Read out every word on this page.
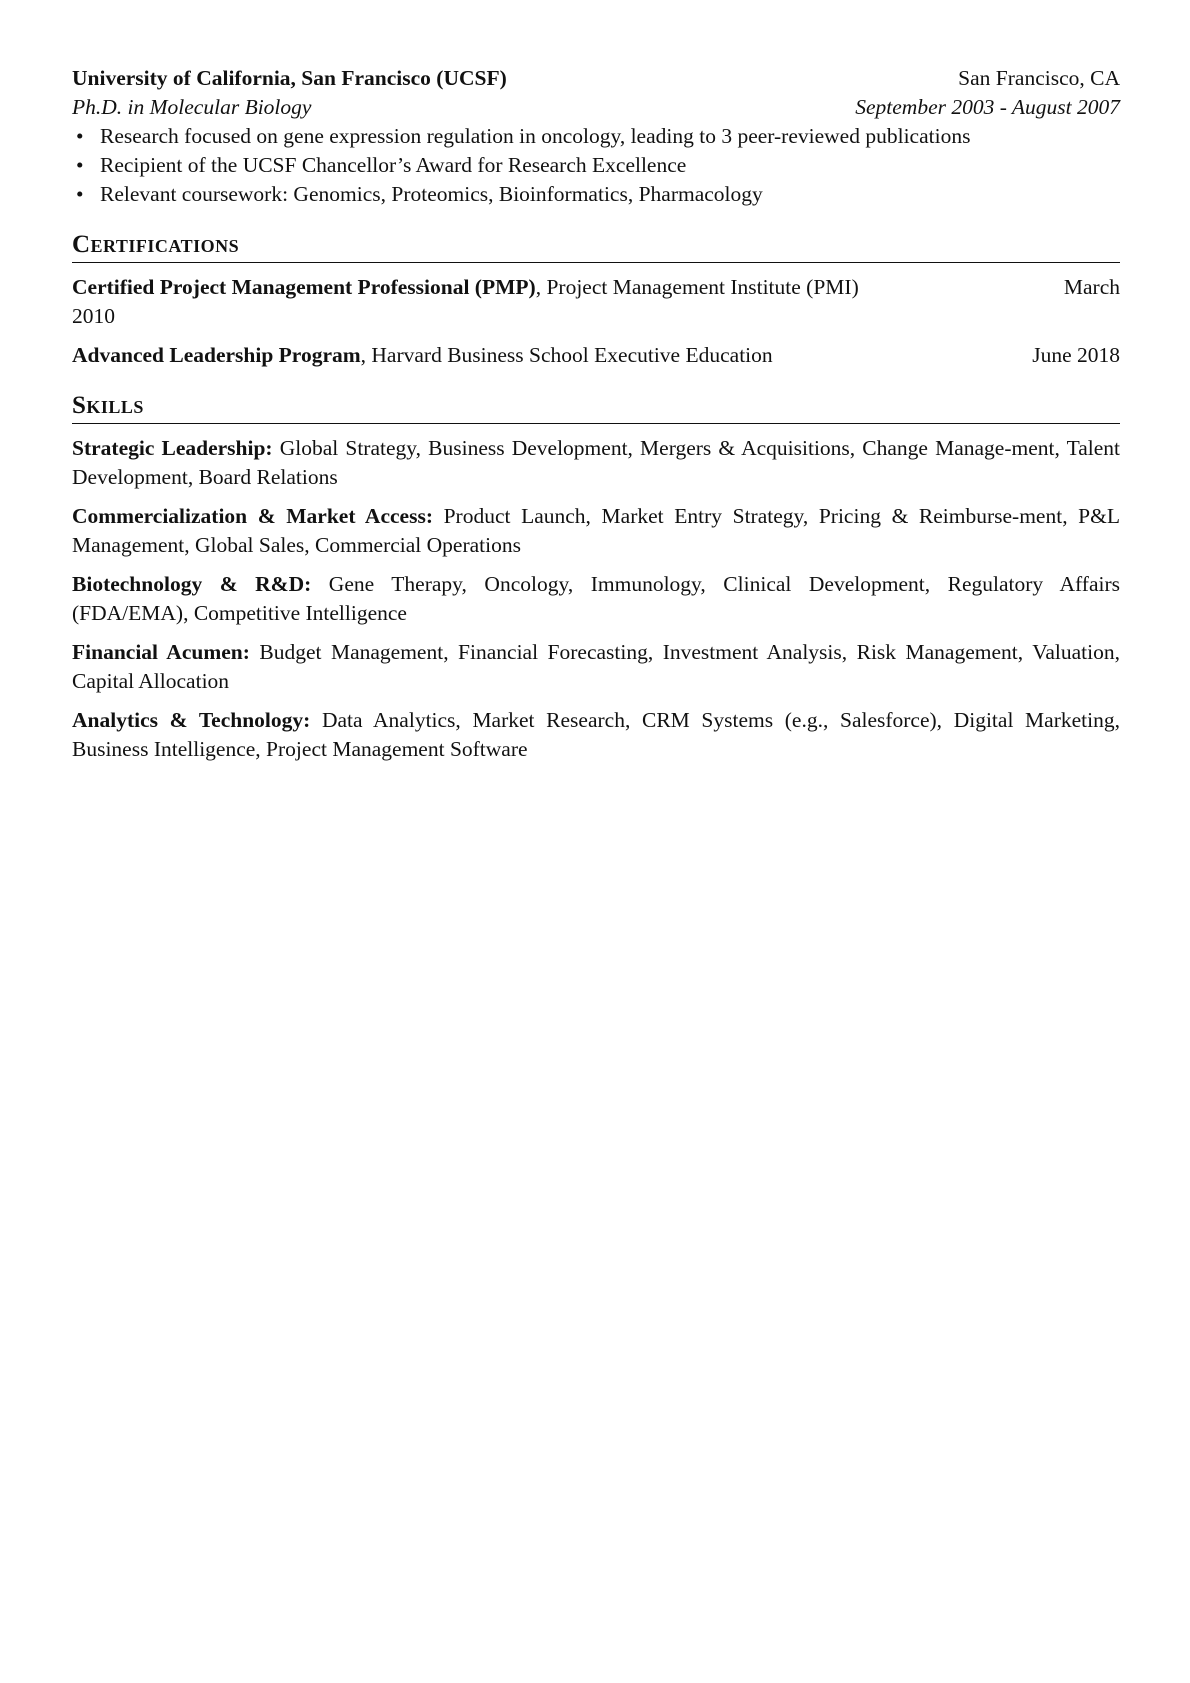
University of California, San Francisco (UCSF)	San Francisco, CA
Ph.D. in Molecular Biology	September 2003 - August 2007
• Research focused on gene expression regulation in oncology, leading to 3 peer-reviewed publications
• Recipient of the UCSF Chancellor’s Award for Research Excellence
• Relevant coursework: Genomics, Proteomics, Bioinformatics, Pharmacology
Certifications
Certified Project Management Professional (PMP), Project Management Institute (PMI)	March
2010
Advanced Leadership Program, Harvard Business School Executive Education	June 2018
Skills
Strategic Leadership: Global Strategy, Business Development, Mergers & Acquisitions, Change Manage-ment, Talent Development, Board Relations
Commercialization & Market Access: Product Launch, Market Entry Strategy, Pricing & Reimburse-ment, P&L Management, Global Sales, Commercial Operations
Biotechnology & R&D: Gene Therapy, Oncology, Immunology, Clinical Development, Regulatory Affairs (FDA/EMA), Competitive Intelligence
Financial Acumen: Budget Management, Financial Forecasting, Investment Analysis, Risk Management, Valuation, Capital Allocation
Analytics & Technology: Data Analytics, Market Research, CRM Systems (e.g., Salesforce), Digital Marketing, Business Intelligence, Project Management Software
